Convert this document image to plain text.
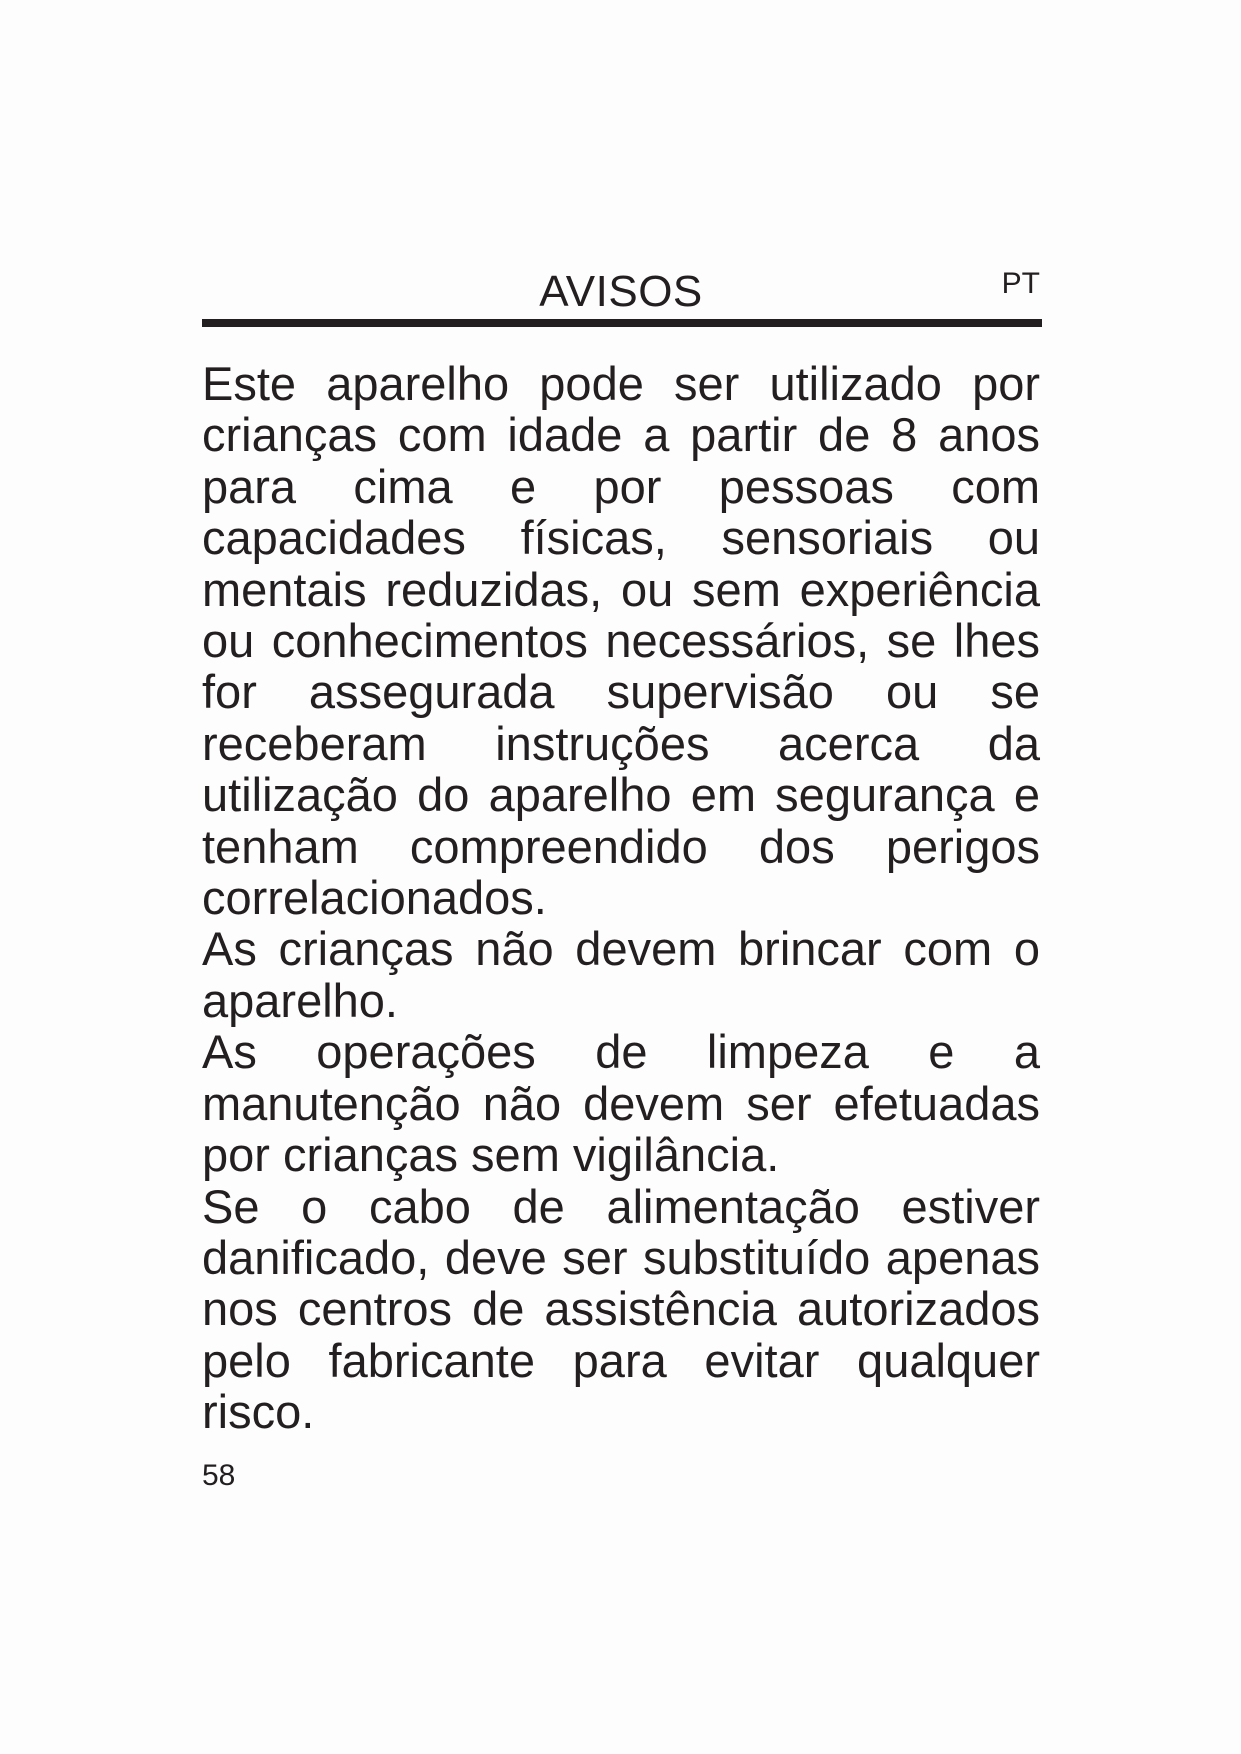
AVISOS	PT

Este aparelho pode ser utilizado por crianças com idade a partir de 8 anos para cima e por pessoas com capacidades físicas, sensoriais ou mentais reduzidas, ou sem experiência ou conhecimentos necessários, se lhes for assegurada supervisão ou se receberam instruções acerca da utilização do aparelho em segurança e tenham compreendido dos perigos correlacionados.

As crianças não devem brincar com o aparelho.

As operações de limpeza e a manutenção não devem ser efetuadas por crianças sem vigilância.

Se o cabo de alimentação estiver danificado, deve ser substituído apenas nos centros de assistência autorizados pelo fabricante para evitar qualquer risco.

58
